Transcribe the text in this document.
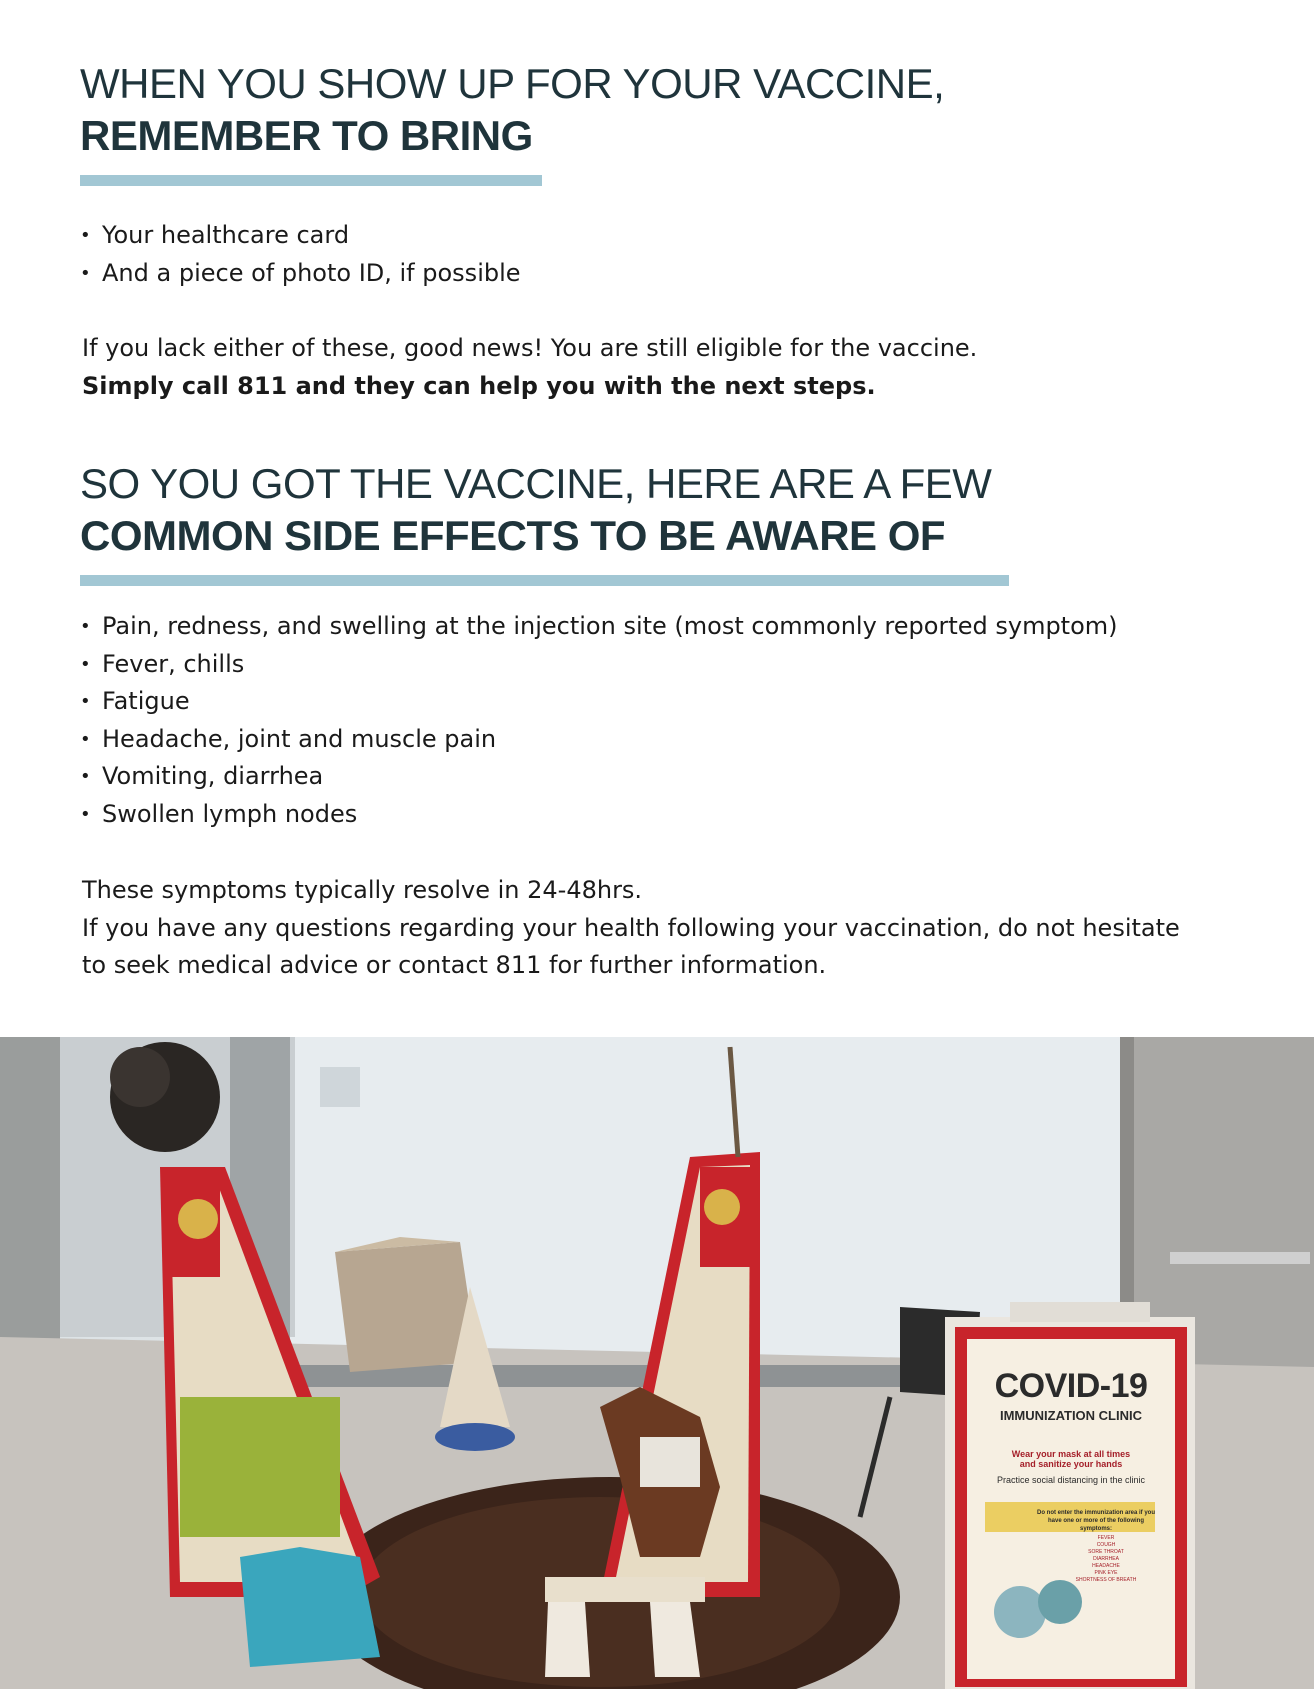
WHEN YOU SHOW UP FOR YOUR VACCINE,
REMEMBER TO BRING
• Your healthcare card
• And a piece of photo ID, if possible
If you lack either of these, good news! You are still eligible for the vaccine.
Simply call 811 and they can help you with the next steps.
SO YOU GOT THE VACCINE, HERE ARE A FEW
COMMON SIDE EFFECTS TO BE AWARE OF
• Pain, redness, and swelling at the injection site (most commonly reported symptom)
• Fever, chills
• Fatigue
• Headache, joint and muscle pain
• Vomiting, diarrhea
• Swollen lymph nodes
These symptoms typically resolve in 24-48hrs.
If you have any questions regarding your health following your vaccination, do not hesitate
to seek medical advice or contact 811 for further information.
COVID-19
IMMUNIZATION CLINIC
Wear your mask at all times
and sanitize your hands
Practice social distancing in the clinic
Do not enter the immunization area if you have one or more of the following symptoms:
FEVER
COUGH
SORE THROAT
DIARRHEA
HEADACHE
PINK EYE
SHORTNESS OF BREATH
